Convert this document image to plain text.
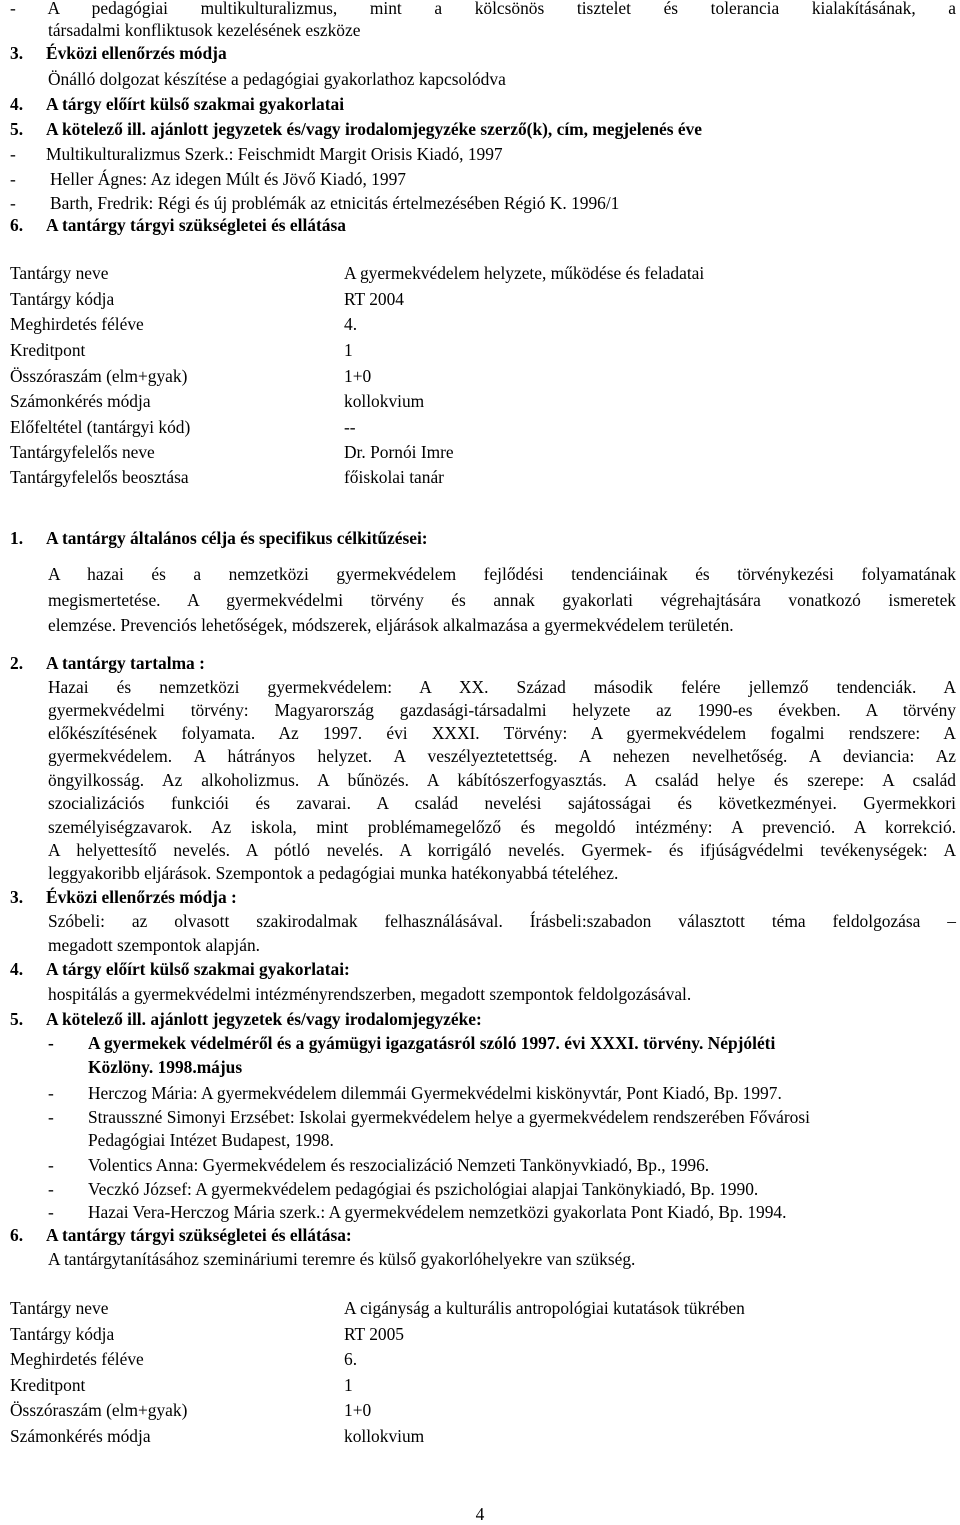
- A pedagógiai multikulturalizmus, mint a kölcsönös tisztelet és tolerancia kialakításának, a
társadalmi konfliktusok kezelésének eszköze
3. Évközi ellenőrzés módja
Önálló dolgozat készítése a pedagógiai gyakorlathoz kapcsolódva
4. A tárgy előírt külső szakmai gyakorlatai
5. A kötelező ill. ajánlott jegyzetek és/vagy irodalomjegyzéke szerző(k), cím, megjelenés éve
- Multikulturalizmus Szerk.: Feischmidt Margit Orisis Kiadó, 1997
- Heller Ágnes: Az idegen Múlt és Jövő Kiadó, 1997
- Barth, Fredrik: Régi és új problémák az etnicitás értelmezésében Régió K. 1996/1
6. A tantárgy tárgyi szükségletei és ellátása
Tantárgy neve	A gyermekvédelem helyzete, működése és feladatai
Tantárgy kódja	RT 2004
Meghirdetés féléve	4.
Kreditpont	1
Összóraszám (elm+gyak)	1+0
Számonkérés módja	kollokvium
Előfeltétel (tantárgyi kód)	--
Tantárgyfelelős neve	Dr. Pornói Imre
Tantárgyfelelős beosztása	főiskolai tanár
1. A tantárgy általános célja és specifikus célkitűzései:
A hazai és a nemzetközi gyermekvédelem fejlődési tendenciáinak és törvénykezési folyamatának
megismertetése. A gyermekvédelmi törvény és annak gyakorlati végrehajtására vonatkozó ismeretek
elemzése. Prevenciós lehetőségek, módszerek, eljárások alkalmazása a gyermekvédelem területén.
2. A tantárgy tartalma :
Hazai és nemzetközi gyermekvédelem: A XX. Század második felére jellemző tendenciák. A
gyermekvédelmi törvény: Magyarország gazdasági-társadalmi helyzete az 1990-es években. A törvény
előkészítésének folyamata. Az 1997. évi XXXI. Törvény: A gyermekvédelem fogalmi rendszere: A
gyermekvédelem. A hátrányos helyzet. A veszélyeztetettség. A nehezen nevelhetőség. A deviancia: Az
öngyilkosság. Az alkoholizmus. A bűnözés. A kábítószerfogyasztás. A család helye és szerepe: A család
szocializációs funkciói és zavarai. A család nevelési sajátosságai és következményei. Gyermekkori
személyiségzavarok. Az iskola, mint problémamegelőző és megoldó intézmény: A prevenció. A korrekció.
A helyettesítő nevelés. A pótló nevelés. A korrigáló nevelés. Gyermek- és ifjúságvédelmi tevékenységek: A
leggyakoribb eljárások. Szempontok a pedagógiai munka hatékonyabbá tételéhez.
3. Évközi ellenőrzés módja :
Szóbeli: az olvasott szakirodalmak felhasználásával. Írásbeli:szabadon választott téma feldolgozása –
megadott szempontok alapján.
4. A tárgy előírt külső szakmai gyakorlatai:
hospitálás a gyermekvédelmi intézményrendszerben, megadott szempontok feldolgozásával.
5. A kötelező ill. ajánlott jegyzetek és/vagy irodalomjegyzéke:
- A gyermekek védelméről és a gyámügyi igazgatásról szóló 1997. évi XXXI. törvény. Népjóléti
Közlöny. 1998.május
- Herczog Mária: A gyermekvédelem dilemmái Gyermekvédelmi kiskönyvtár, Pont Kiadó, Bp. 1997.
- Strausszné Simonyi Erzsébet: Iskolai gyermekvédelem helye a gyermekvédelem rendszerében Fővárosi
Pedagógiai Intézet Budapest, 1998.
- Volentics Anna: Gyermekvédelem és reszocializáció Nemzeti Tankönyvkiadó, Bp., 1996.
- Veczkó József: A gyermekvédelem pedagógiai és pszichológiai alapjai Tankönykiadó, Bp. 1990.
- Hazai Vera-Herczog Mária szerk.: A gyermekvédelem nemzetközi gyakorlata Pont Kiadó, Bp. 1994.
6. A tantárgy tárgyi szükségletei és ellátása:
A tantárgytanításához szemináriumi teremre és külső gyakorlóhelyekre van szükség.
Tantárgy neve	A cigányság a kulturális antropológiai kutatások tükrében
Tantárgy kódja	RT 2005
Meghirdetés féléve	6.
Kreditpont	1
Összóraszám (elm+gyak)	1+0
Számonkérés módja	kollokvium
4
